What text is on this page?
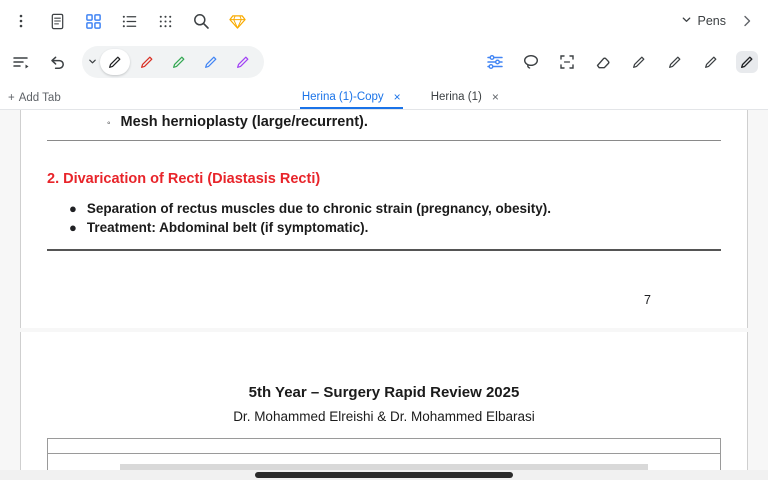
Pens
+ Add Tab	Herina (1)-Copy ×	Herina (1) ×
◦ Mesh hernioplasty (large/recurrent).
2. Divarication of Recti (Diastasis Recti)
● Separation of rectus muscles due to chronic strain (pregnancy, obesity).
● Treatment: Abdominal belt (if symptomatic).
7
5th Year – Surgery Rapid Review 2025
Dr. Mohammed Elreishi & Dr. Mohammed Elbarasi
